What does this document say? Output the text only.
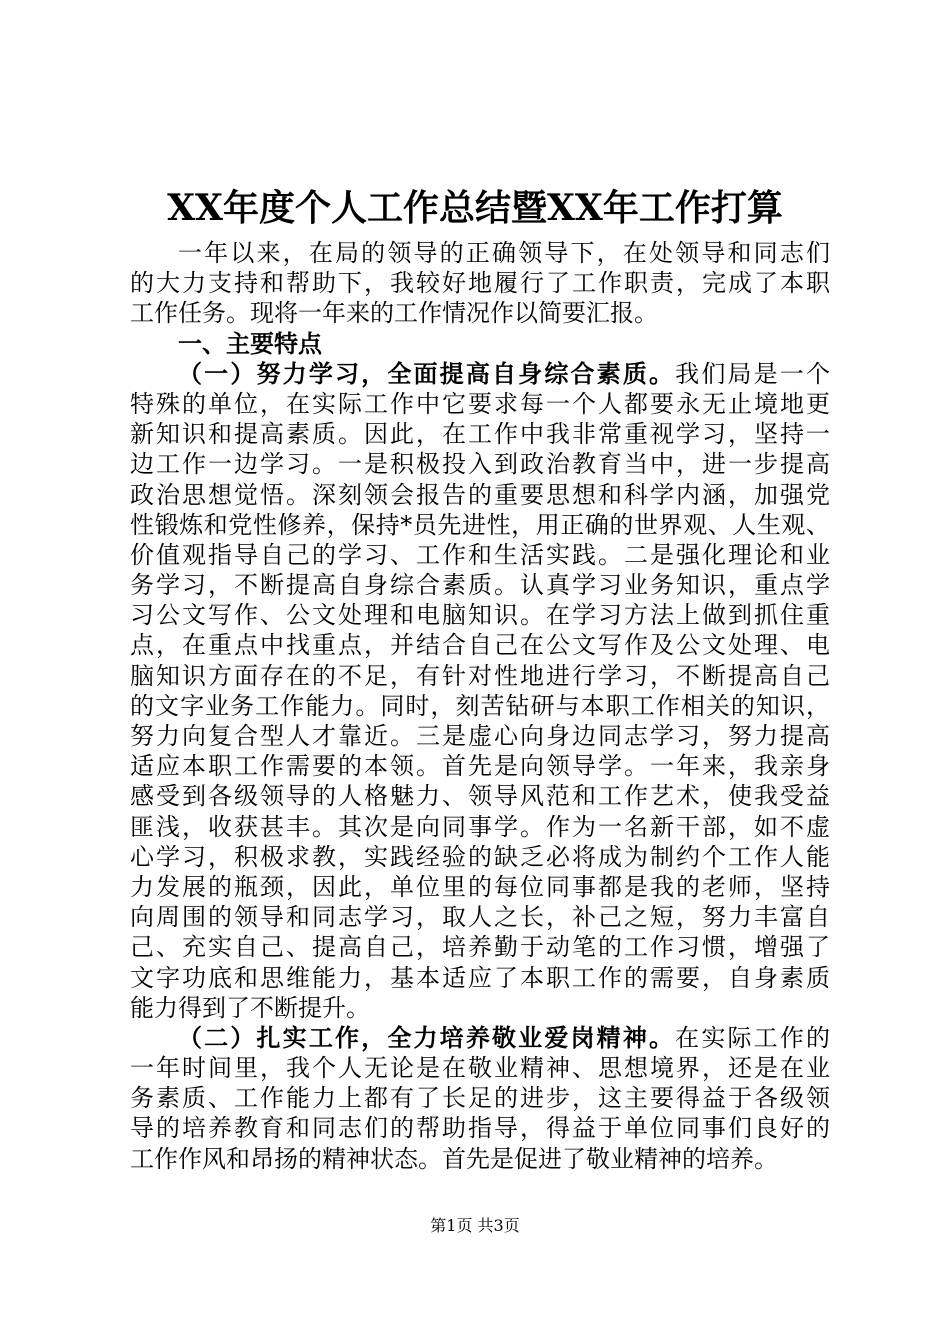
XX年度个人工作总结暨XX年工作打算

一年以来，在局的领导的正确领导下，在处领导和同志们
的大力支持和帮助下，我较好地履行了工作职责，完成了本职
工作任务。现将一年来的工作情况作以简要汇报。

一、主要特点

（一）努力学习，全面提高自身综合素质。我们局是一个
特殊的单位，在实际工作中它要求每一个人都要永无止境地更
新知识和提高素质。因此，在工作中我非常重视学习，坚持一
边工作一边学习。一是积极投入到政治教育当中，进一步提高
政治思想觉悟。深刻领会报告的重要思想和科学内涵，加强党
性锻炼和党性修养，保持*员先进性，用正确的世界观、人生观、
价值观指导自己的学习、工作和生活实践。二是强化理论和业
务学习，不断提高自身综合素质。认真学习业务知识，重点学
习公文写作、公文处理和电脑知识。在学习方法上做到抓住重
点，在重点中找重点，并结合自己在公文写作及公文处理、电
脑知识方面存在的不足，有针对性地进行学习，不断提高自己
的文字业务工作能力。同时，刻苦钻研与本职工作相关的知识，
努力向复合型人才靠近。三是虚心向身边同志学习，努力提高
适应本职工作需要的本领。首先是向领导学。一年来，我亲身
感受到各级领导的人格魅力、领导风范和工作艺术，使我受益
匪浅，收获甚丰。其次是向同事学。作为一名新干部，如不虚
心学习，积极求教，实践经验的缺乏必将成为制约个工作人能
力发展的瓶颈，因此，单位里的每位同事都是我的老师，坚持
向周围的领导和同志学习，取人之长，补己之短，努力丰富自
己、充实自己、提高自己，培养勤于动笔的工作习惯，增强了
文字功底和思维能力，基本适应了本职工作的需要，自身素质
能力得到了不断提升。

（二）扎实工作，全力培养敬业爱岗精神。在实际工作的
一年时间里，我个人无论是在敬业精神、思想境界，还是在业
务素质、工作能力上都有了长足的进步，这主要得益于各级领
导的培养教育和同志们的帮助指导，得益于单位同事们良好的
工作作风和昂扬的精神状态。首先是促进了敬业精神的培养。

第1页 共3页
